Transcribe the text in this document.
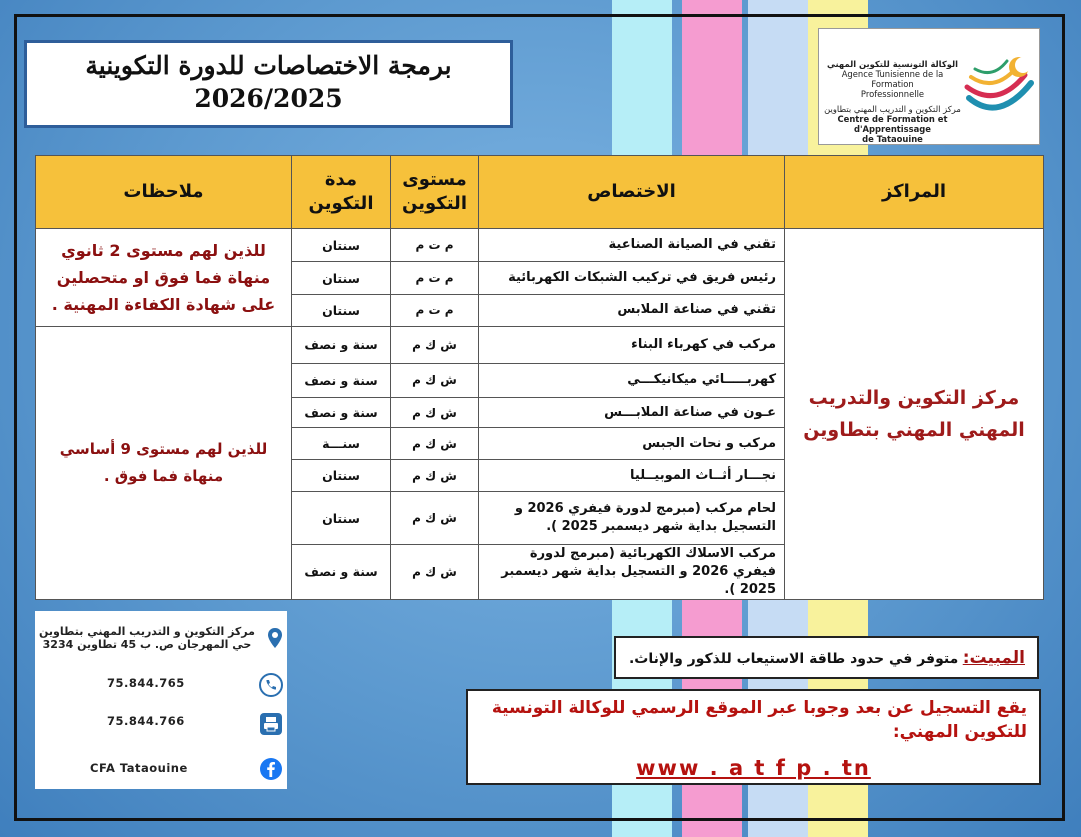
برمجة الاختصاصات للدورة التكوينية
2026/2025
الوكالة التونسية للتكوين المهني
Agence Tunisienne de la Formation
Professionnelle
مركز التكوين و التدريب المهني بتطاوين
Centre de Formation et d'Apprentissage
de Tataouine
المراكز	الاختصاص	مستوى التكوين	مدة التكوين	ملاحظات
مركز التكوين والتدريب المهني المهني بتطاوين	تقني في الصيانة الصناعية	م ت م	سنتان	للذين لهم مستوى 2 ثانوي منهاة فما فوق او متحصلين على شهادة الكفاءة المهنية .
	رئيس فريق في تركيب الشبكات الكهربائية	م ت م	سنتان	
	تقني في صناعة الملابس	م ت م	سنتان	
	مركب في كهرباء البناء	ش ك م	سنة و نصف	للذين لهم مستوى 9 أساسي منهاة فما فوق .
	كهربـــــائي ميكانيكـــي	ش ك م	سنة و نصف	
	عـون في صناعة الملابـــس	ش ك م	سنة و نصف	
	مركب و نحات الجبس	ش ك م	سنـــة	
	نجـــار أثــاث الموبيــليا	ش ك م	سنتان	
	لحام مركب (مبرمج لدورة فيفري 2026 و التسجيل بداية شهر ديسمبر 2025 ).	ش ك م	سنتان	
	مركب الاسلاك الكهربائية (مبرمج لدورة فيفري 2026 و التسجيل بداية شهر ديسمبر 2025 ).	ش ك م	سنة و نصف	
مركز التكوين و التدريب المهني بتطاوين حي المهرجان ص. ب 45 تطاوين 3234
75.844.765
75.844.766
CFA Tataouine
المبيت: متوفر في حدود طاقة الاستيعاب للذكور والإناث.
يقع التسجيل عن بعد وجوبا عبر الموقع الرسمي للوكالة التونسية للتكوين المهني:
www . a t f p . tn
